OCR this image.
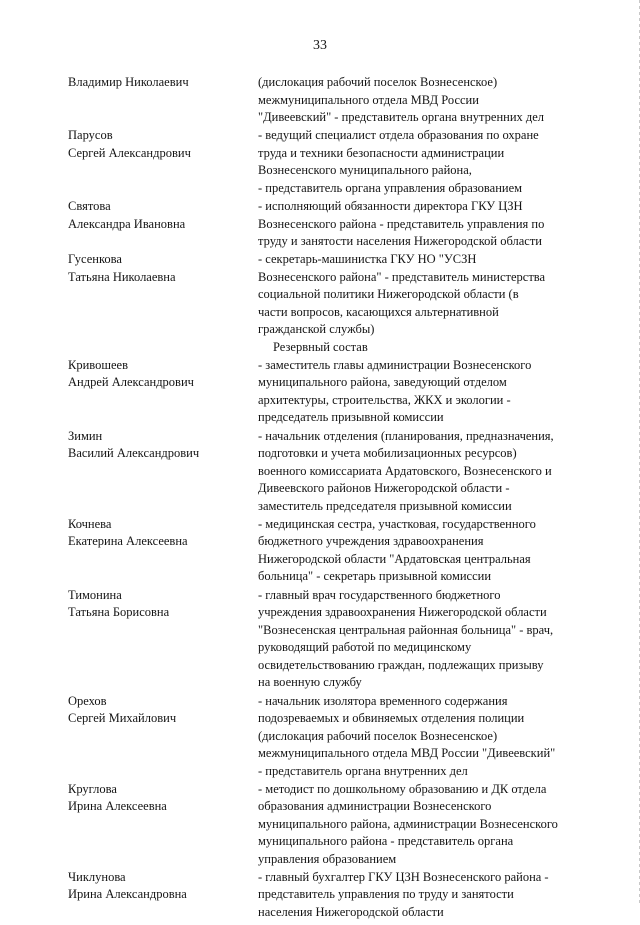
33
Владимир Николаевич	(дислокация рабочий поселок Вознесенское)
межмуниципального отдела МВД России
"Дивеевский" - представитель органа внутренних дел
Парусов
Сергей Александрович
- ведущий специалист отдела образования по охране
труда и техники безопасности администрации
Вознесенского муниципального района,
- представитель органа управления образованием
Святова
Александра Ивановна
- исполняющий обязанности директора ГКУ ЦЗН
Вознесенского района - представитель управления по
труду и занятости населения Нижегородской области
Гусенкова
Татьяна Николаевна
- секретарь-машинистка ГКУ НО "УСЗН
Вознесенского района" - представитель министерства
социальной политики Нижегородской области (в
части вопросов, касающихся альтернативной
гражданской службы)
Резервный состав
Кривошеев
Андрей Александрович
- заместитель главы администрации Вознесенского
муниципального района, заведующий отделом
архитектуры, строительства, ЖКХ и экологии -
председатель призывной комиссии
Зимин
Василий Александрович
- начальник отделения (планирования, предназначения,
подготовки и учета мобилизационных ресурсов)
военного комиссариата Ардатовского, Вознесенского и
Дивеевского районов Нижегородской области -
заместитель председателя призывной комиссии
Кочнева
Екатерина Алексеевна
- медицинская сестра, участковая, государственного
бюджетного учреждения здравоохранения
Нижегородской области "Ардатовская центральная
больница" - секретарь призывной комиссии
Тимонина
Татьяна Борисовна
- главный врач государственного бюджетного
учреждения здравоохранения Нижегородской области
"Вознесенская центральная районная больница" - врач,
руководящий работой по медицинскому
освидетельствованию граждан, подлежащих призыву
на военную службу
Орехов
Сергей Михайлович
- начальник изолятора временного содержания
подозреваемых и обвиняемых отделения полиции
(дислокация рабочий поселок Вознесенское)
межмуниципального отдела МВД России "Дивеевский"
- представитель органа внутренних дел
Круглова
Ирина Алексеевна
- методист по дошкольному образованию и ДК отдела
образования администрации Вознесенского
муниципального района, администрации Вознесенского
муниципального района - представитель органа
управления образованием
Чиклунова
Ирина Александровна
- главный бухгалтер ГКУ ЦЗН Вознесенского района -
представитель управления по труду и занятости
населения Нижегородской области
